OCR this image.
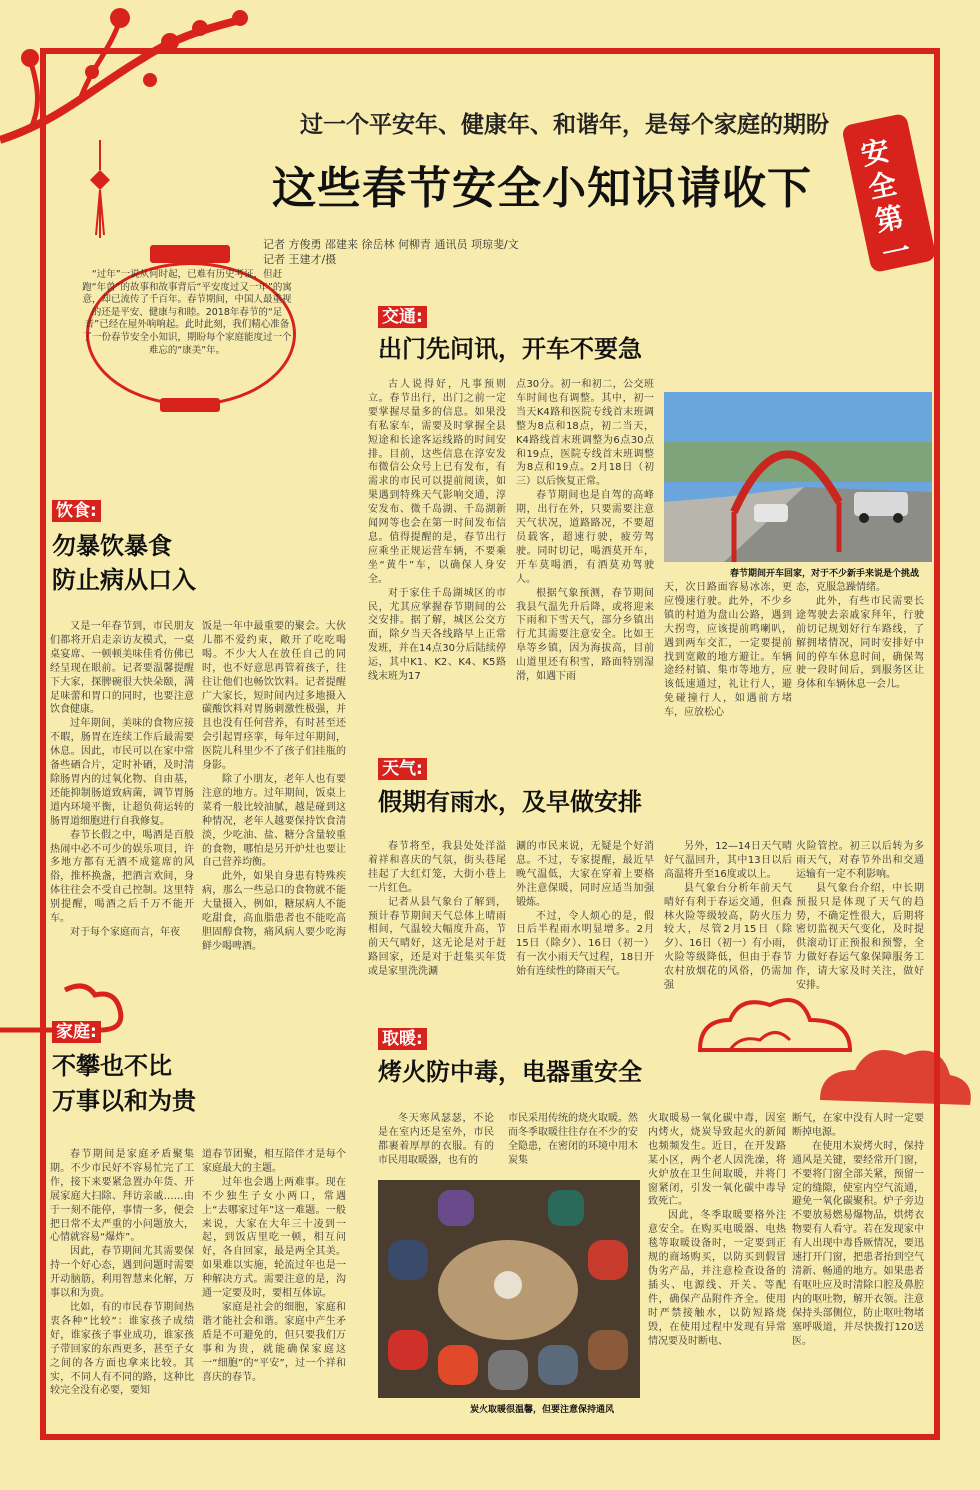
安全第一
过一个平安年、健康年、和谐年，是每个家庭的期盼
这些春节安全小知识请收下
记者 方俊勇 邵建来 徐岳林 何柳青 通讯员 项琼斐/文
记者 王建才/摄

“过年”一说从何时起，已难有历史考证，但赶跑“年兽”的故事和故事背后“平安度过又一年”的寓意，却已流传了千百年。春节期间，中国人最重视的还是平安、健康与和睦。2018年春节的“足音”已经在屋外响响起。此时此刻，我们精心准备了一份春节安全小知识，期盼每个家庭能度过一个难忘的“康美”年。

交通:
出门先问讯，开车不要急

古人说得好，凡事预则立。春节出行，出门之前一定要掌握尽量多的信息。如果没有私家车，需要及时掌握全县短途和长途客运线路的时间安排。目前，这些信息在淳安发布微信公众号上已有发布，有需求的市民可以提前阅读，如果遇到特殊天气影响交通，淳安发布、微千岛湖、千岛湖新闻网等也会在第一时间发布信息。值得提醒的是，春节出行应乘坐正规运营车辆，不要乘坐“黄牛”车，以确保人身安全。

对于家住千岛湖城区的市民，尤其应掌握春节期间的公交安排。据了解，城区公交方面，除夕当天各线路早上正常发班，并在14点30分后陆续停运，其中K1、K2、K4、K5路线末班为17

点30分。初一和初二，公交班车时间也有调整。其中，初一当天K4路和医院专线首末班调整为8点和18点，初二当天，K4路线首末班调整为6点30点和19点，医院专线首末班调整为8点和19点。2月18日（初三）以后恢复正常。

春节期间也是自驾的高峰期，出行在外，只要需要注意天气状况，道路路况，不要超员载客，超速行驶，疲劳驾驶。同时切记，喝酒莫开车，开车莫喝酒，有酒莫劝驾驶人。

根据气象预测，春节期间我县气温先升后降，或将迎来下雨和下雪天气，部分乡镇出行尤其需要注意安全。比如王阜等乡镇，因为海拔高，目前山道里还有积雪，路面特别湿滑，如遇下雨

春节期间开车回家，对于不少新手来说是个挑战

天，次日路面容易冰冻，更应慢速行驶。此外，不少乡镇的村道为盘山公路，遇到大拐弯，应该提前鸣喇叭，遇到两车交汇，一定要提前找到宽敞的地方避让。车辆途经村镇、集市等地方，应该低速通过，礼让行人，避免碰撞行人，如遇前方堵车，应放松心

态，克服急躁情绪。

此外，有些市民需要长途驾驶去亲戚家拜年，行驶前切记规划好行车路线，了解拥堵情况，同时安排好中间的停车休息时间，确保驾驶一段时间后，到服务区让身体和车辆休息一会儿。

饮食:
勿暴饮暴食
防止病从口入

又是一年春节到，市民朋友们都将开启走亲访友模式，一桌桌宴席、一顿顿美味佳肴仿佛已经呈现在眼前。记者要温馨提醒下大家，探脾碗很大快朵颐，满足味蕾和胃口的同时，也要注意饮食健康。

过年期间，美味的食物应接不暇，肠胃在连续工作后最需要休息。因此，市民可以在家中常备些硒合片，定时补硒，及时清除肠胃内的过氧化物、自由基，还能抑制肠道致病菌，调节胃肠道内环境平衡，让超负荷运转的肠胃道细胞进行自我修复。

春节长假之中，喝酒是百般热闹中必不可少的娱乐项目，许多地方都有无酒不成筵席的风俗，推杯换盏，把酒言欢间，身体往往会不受自己控制。这里特别提醒，喝酒之后千万不能开车。

对于每个家庭而言，年夜

饭是一年中最重要的聚会。大伙儿都不爱约束，敞开了吃吃喝喝。不少大人在放任自己的同时，也不好意思再管着孩子，往往让他们也畅饮饮料。记者提醒广大家长，短时间内过多地摄入碳酸饮料对胃肠刺激性极强，并且也没有任何营养，有时甚至还会引起胃痉挛，每年过年期间，医院儿科里少不了孩子们挂瓶的身影。

除了小朋友，老年人也有要注意的地方。过年期间，饭桌上菜肴一般比较油腻，越是碰到这种情况，老年人越要保持饮食清淡，少吃油、盐、糖分含量较重的食物，哪怕是另开炉灶也要让自己营养均衡。

此外，如果自身患有特殊疾病，那么一些忌口的食物就不能大量摄入，例如，糖尿病人不能吃甜食，高血脂患者也不能吃高胆固醇食物，痛风病人要少吃海鲜少喝啤酒。

天气:
假期有雨水，及早做安排

春节将至，我县处处洋溢着祥和喜庆的气氛，街头巷尾挂起了大红灯笼，大街小巷上一片红色。

记者从县气象台了解到，预计春节期间天气总体上晴雨相间，气温较大幅度升高，节前天气晴好，这无论是对于赶路回家，还是对于赶集买年货或是家里洗洗涮

涮的市民来说，无疑是个好消息。不过，专家提醒，最近早晚气温低，大家在穿着上要格外注意保暖，同时应适当加强锻炼。

不过，令人烦心的是，假日后半程雨水明显增多。2月15日（除夕）、16日（初一）有一次小雨天气过程，18日开始有连续性的降雨天气。

另外，12—14日天气晴好气温回升，其中13日以后高温将升至16度或以上。

县气象台分析年前天气晴好有利于春运交通，但森林火险等级较高，防火压力较大，尽管2月15日（除夕）、16日（初一）有小雨，火险等级降低，但由于春节农村放烟花的风俗，仍需加强

火险管控。初三以后转为多雨天气，对春节外出和交通运输有一定不利影响。

县气象台介绍，中长期预报只是体现了天气的趋势，不确定性很大，后期将密切监视天气变化，及时提供滚动订正预报和预警，全力做好春运气象保障服务工作，请大家及时关注，做好安排。

家庭:
不攀也不比
万事以和为贵

春节期间是家庭矛盾聚集期。不少市民好不容易忙完了工作，接下来要紧急置办年货、开展家庭大扫除、拜访亲戚……由于一刻不能停，事情一多，便会把日常不太严重的小问题放大，心情就容易“爆炸”。

因此，春节期间尤其需要保持一个好心态，遇到问题时需要开动脑筋，利用智慧来化解，万事以和为贵。

比如，有的市民春节期间热衷各种“比较”：谁家孩子成绩好，谁家孩子事业成功，谁家孩子带回家的东西更多，甚至子女之间的各方面也拿来比较。其实，不同人有不同的路，这种比较完全没有必要，要知

道春节团聚，相互陪伴才是每个家庭最大的主题。

过年也会遇上两难事。现在不少独生子女小两口，常遇上“去哪家过年”这一难题。一般来说，大家在大年三十凌到一起，到饭店里吃一顿，相互问好，各自回家，最是两全其美。如果难以实施，轮流过年也是一种解决方式。需要注意的是，沟通一定要及时，要相互体谅。

家庭是社会的细胞，家庭和谐才能社会和谐。家庭中产生矛盾是不可避免的，但只要我们万事和为贵，就能确保家庭这一“细胞”的“平安”，过一个祥和喜庆的春节。

取暖:
烤火防中毒，电器重安全

冬天寒风瑟瑟，不论是在室内还是室外，市民都裹着厚厚的衣服。有的市民用取暖器，也有的

市民采用传统的烧火取暖。然而冬季取暖往往存在不少的安全隐患，在密闭的环境中用木炭集

炭火取暖很温馨，但要注意保持通风

火取暖易一氧化碳中毒，因室内烤火，烧炭导致起火的新闻也频频发生。近日，在开发路某小区，两个老人因洗澡，将火炉放在卫生间取暖，并将门窗紧闭，引发一氧化碳中毒导致死亡。

因此，冬季取暖要格外注意安全。在购买电暖器、电热毯等取暖设备时，一定要到正规的商场购买，以防买到假冒伪劣产品，并注意检查设备的插头、电源线、开关、等配件，确保产品附件齐全。使用时严禁接触水，以防短路烧毁，在使用过程中发现有异常情况要及时断电、

断气，在家中没有人时一定要断掉电源。

在使用木炭烤火时，保持通风是关键，要经常开门窗，不要将门窗全部关紧，预留一定的缝隙，使室内空气流通，避免一氧化碳聚积。炉子旁边不要放易燃易爆物品，烘烤衣物要有人看守。若在发现家中有人出现中毒昏厥情况，要迅速打开门窗，把患者抬到空气清新、畅通的地方。如果患者有呕吐应及时清除口腔及鼻腔内的呕吐物，解开衣领。注意保持头部侧位，防止呕吐物堵塞呼吸道，并尽快拨打120送医。
